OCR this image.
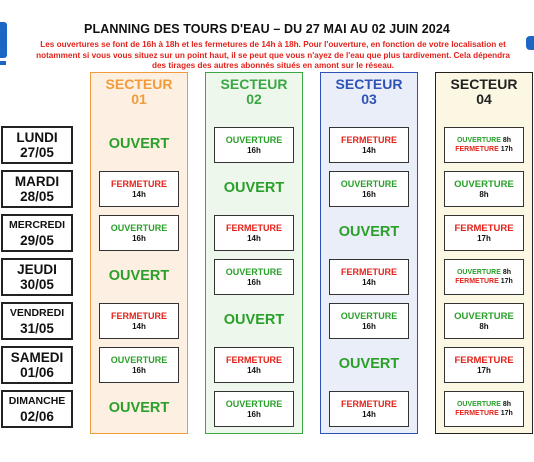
PLANNING DES TOURS D'EAU – DU 27 MAI AU 02 JUIN 2024
Les ouvertures se font de 16h à 18h et les fermetures de 14h à 18h. Pour l'ouverture, en fonction de votre localisation et notamment si vous vous situez sur un point haut, il se peut que vous n'ayez de l'eau que plus tardivement. Cela dépendra des tirages des autres abonnés situés en amont sur le réseau.
LUNDI
27/05
MARDI
28/05
MERCREDI
29/05
JEUDI
30/05
VENDREDI
31/05
SAMEDI
01/06
DIMANCHE
02/06
SECTEUR
01
OUVERT
FERMETURE
14h
OUVERTURE
16h
OUVERT
FERMETURE
14h
OUVERTURE
16h
OUVERT
SECTEUR
02
OUVERTURE
16h
OUVERT
FERMETURE
14h
OUVERTURE
16h
OUVERT
FERMETURE
14h
OUVERTURE
16h
SECTEUR
03
FERMETURE
14h
OUVERTURE
16h
OUVERT
FERMETURE
14h
OUVERTURE
16h
OUVERT
FERMETURE
14h
SECTEUR
04
OUVERTURE 8h
FERMETURE 17h
OUVERTURE
8h
FERMETURE
17h
OUVERTURE 8h
FERMETURE 17h
OUVERTURE
8h
FERMETURE
17h
OUVERTURE 8h
FERMETURE 17h
